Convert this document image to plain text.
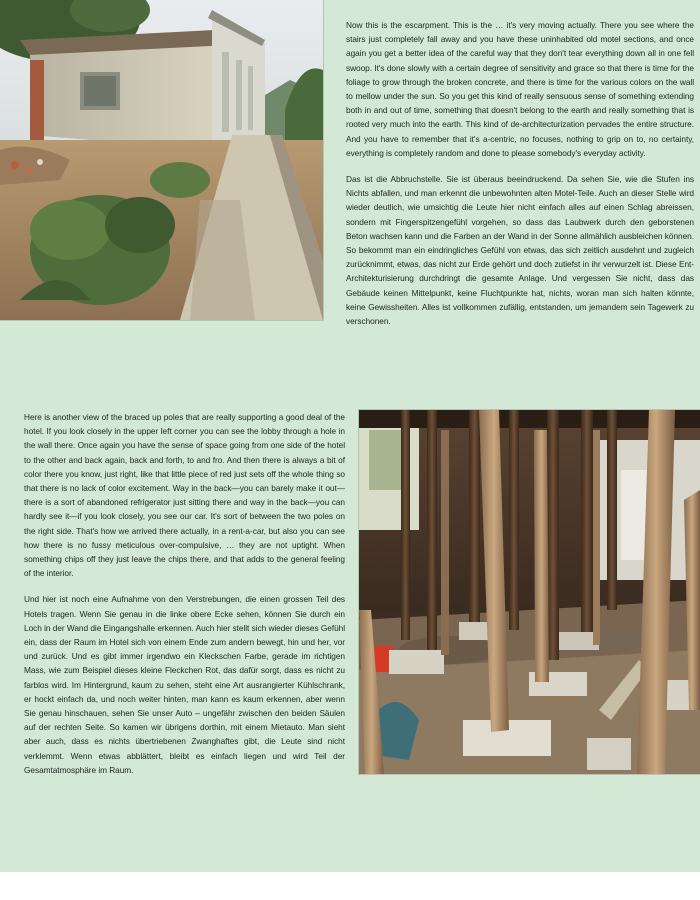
Now this is the escarpment. This is the … it's very moving actually. There you see where the stairs just completely fall away and you have these uninhabited old motel sections, and once again you get a better idea of the careful way that they don't tear everything down all in one fell swoop. It's done slowly with a certain degree of sensitivity and grace so that there is time for the foliage to grow through the broken concrete, and there is time for the various colors on the wall to mellow under the sun. So you get this kind of really sensuous sense of something extending both in and out of time, something that doesn't belong to the earth and really something that is rooted very much into the earth. This kind of de-architecturization pervades the entire structure. And you have to remember that it's a-centric, no focuses, nothing to grip on to, no certainty, everything is completely random and done to please somebody's everyday activity.

Das ist die Abbruchstelle. Sie ist überaus beeindruckend. Da sehen Sie, wie die Stufen ins Nichts abfallen, und man erkennt die unbewohnten alten Motel-Teile. Auch an dieser Stelle wird wieder deutlich, wie umsichtig die Leute hier nicht einfach alles auf einen Schlag abreissen, sondern mit Fingerspitzengefühl vorgehen, so dass das Laubwerk durch den geborstenen Beton wachsen kann und die Farben an der Wand in der Sonne allmählich ausbleichen können. So bekommt man ein eindringliches Gefühl von etwas, das sich zeitlich ausdehnt und zugleich zurücknimmt, etwas, das nicht zur Erde gehört und doch zutiefst in ihr verwurzelt ist. Diese Ent-Architekturisierung durchdringt die gesamte Anlage. Und vergessen Sie nicht, dass das Gebäude keinen Mittelpunkt, keine Fluchtpunkte hat, nichts, woran man sich halten könnte, keine Gewissheiten. Alles ist vollkommen zufällig, entstanden, um jemandem sein Tagewerk zu verschonen.

Here is another view of the braced up poles that are really supporting a good deal of the hotel. If you look closely in the upper left corner you can see the lobby through a hole in the wall there. Once again you have the sense of space going from one side of the hotel to the other and back again, back and forth, to and fro. And then there is always a bit of color there you know, just right, like that little piece of red just sets off the whole thing so that there is no lack of color excitement. Way in the back—you can barely make it out—there is a sort of abandoned refrigerator just sitting there and way in the back—you can hardly see it—if you look closely, you see our car. It's sort of between the two poles on the right side. That's how we arrived there actually, in a rent-a-car, but also you can see how there is no fussy meticulous over-compulsive, … they are not uptight. When something chips off they just leave the chips there, and that adds to the general feeling of the interior.

Und hier ist noch eine Aufnahme von den Verstrebungen, die einen grossen Teil des Hotels tragen. Wenn Sie genau in die linke obere Ecke sehen, können Sie durch ein Loch in der Wand die Eingangshalle erkennen. Auch hier stellt sich wieder dieses Gefühl ein, dass der Raum im Hotel sich von einem Ende zum andern bewegt, hin und her, vor und zurück. Und es gibt immer irgendwo ein Kleckschen Farbe, gerade im richtigen Mass, wie zum Beispiel dieses kleine Fleckchen Rot, das dafür sorgt, dass es nicht zu farblos wird. Im Hintergrund, kaum zu sehen, steht eine Art ausrangierter Kühlschrank, er hockt einfach da, und noch weiter hinten, man kann es kaum erkennen, aber wenn Sie genau hinschauen, sehen Sie unser Auto – ungefähr zwischen den beiden Säulen auf der rechten Seite. So kamen wir übrigens dorthin, mit einem Mietauto. Man sieht aber auch, dass es nichts übertriebenen Zwanghaftes gibt, die Leute sind nicht verklemmt. Wenn etwas abblättert, bleibt es einfach liegen und wird Teil der Gesamtatmosphäre im Raum.
